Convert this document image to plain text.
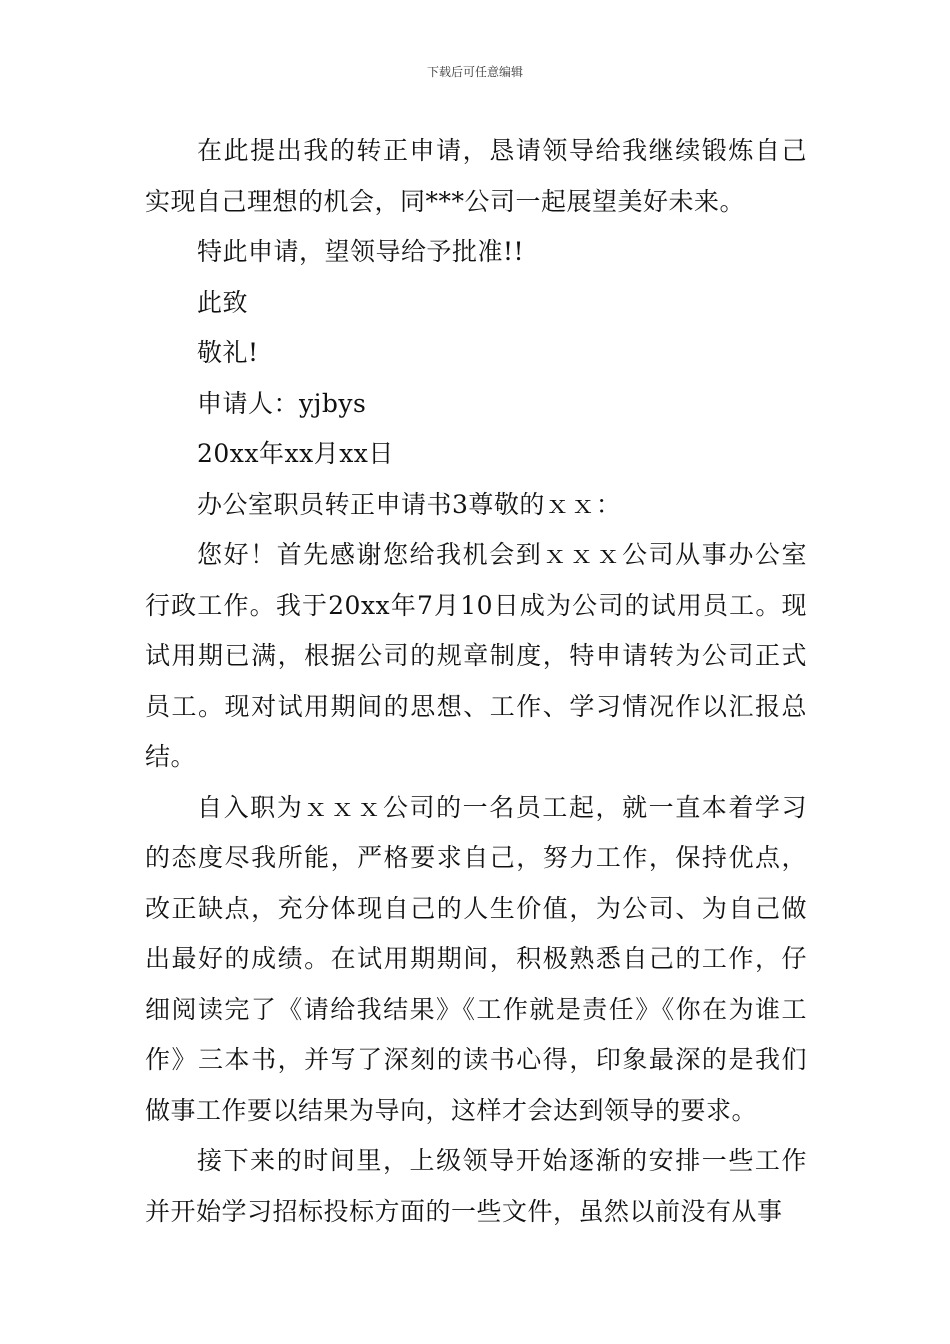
下载后可任意编辑

在此提出我的转正申请，恳请领导给我继续锻炼自己实现自己理想的机会，同***公司一起展望美好未来。

特此申请，望领导给予批准!!

此致

敬礼!

申请人：yjbys

20xx年xx月xx日

办公室职员转正申请书3尊敬的ｘｘ：

您好！首先感谢您给我机会到ｘｘｘ公司从事办公室行政工作。我于20xx年7月10日成为公司的试用员工。现试用期已满，根据公司的规章制度，特申请转为公司正式员工。现对试用期间的思想、工作、学习情况作以汇报总结。

自入职为ｘｘｘ公司的一名员工起，就一直本着学习的态度尽我所能，严格要求自己，努力工作，保持优点，改正缺点，充分体现自己的人生价值，为公司、为自己做出最好的成绩。在试用期期间，积极熟悉自己的工作，仔细阅读完了《请给我结果》《工作就是责任》《你在为谁工作》三本书，并写了深刻的读书心得，印象最深的是我们做事工作要以结果为导向，这样才会达到领导的要求。

接下来的时间里，上级领导开始逐渐的安排一些工作并开始学习招标投标方面的一些文件，虽然以前没有从事
